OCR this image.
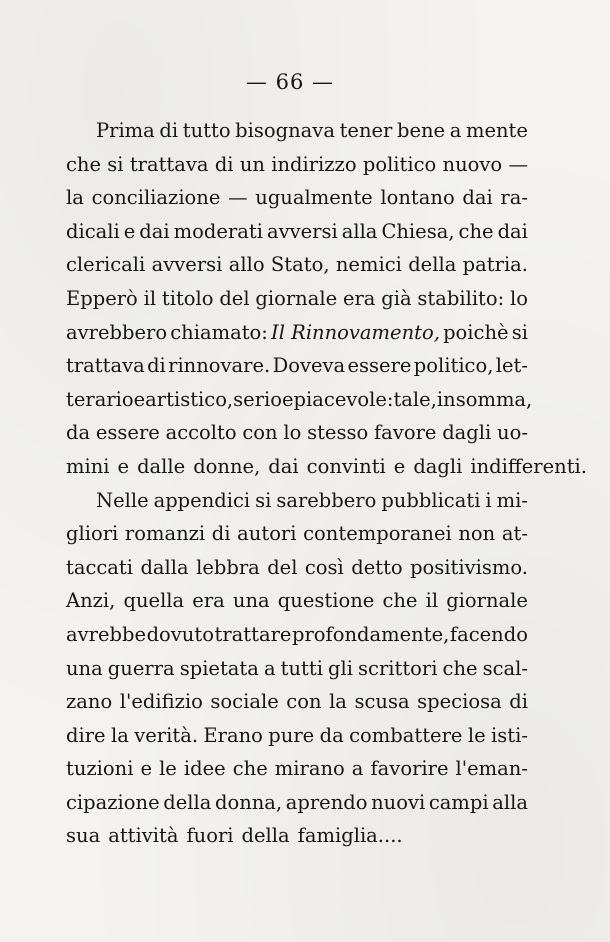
— 66 —
Prima di tutto bisognava tener bene a mente
che si trattava di un indirizzo politico nuovo —
la conciliazione — ugualmente lontano dai ra-
dicali e dai moderati avversi alla Chiesa, che dai
clericali avversi allo Stato, nemici della patria.
Epperò il titolo del giornale era già stabilito: lo
avrebbero chiamato: Il Rinnovamento, poichè si
trattava di rinnovare. Doveva essere politico, let-
terario e artistico, serio e piacevole: tale, insomma,
da essere accolto con lo stesso favore dagli uo-
mini e dalle donne, dai convinti e dagli indifferenti.
Nelle appendici si sarebbero pubblicati i mi-
gliori romanzi di autori contemporanei non at-
taccati dalla lebbra del così detto positivismo.
Anzi, quella era una questione che il giornale
avrebbe dovuto trattare profondamente, facendo
una guerra spietata a tutti gli scrittori che scal-
zano l'edifizio sociale con la scusa speciosa di
dire la verità. Erano pure da combattere le isti-
tuzioni e le idee che mirano a favorire l'eman-
cipazione della donna, aprendo nuovi campi alla
sua attività fuori della famiglia....
